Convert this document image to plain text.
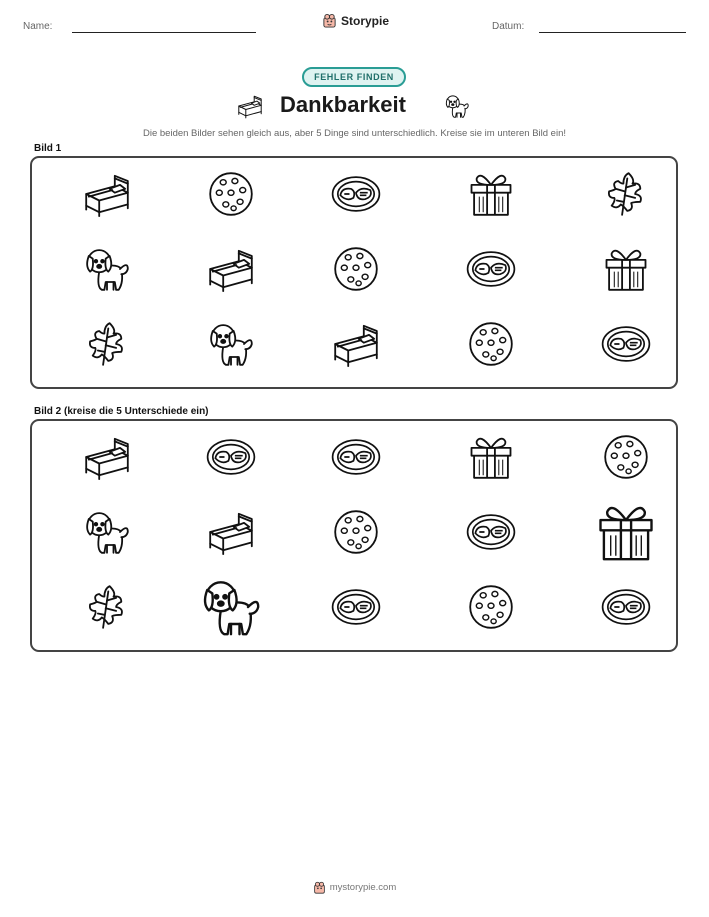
Name:	Storypie	Datum:
FEHLER FINDEN
Dankbarkeit
Die beiden Bilder sehen gleich aus, aber 5 Dinge sind unterschiedlich. Kreise sie im unteren Bild ein!
Bild 1
Bild 2 (kreise die 5 Unterschiede ein)
mystorypie.com
